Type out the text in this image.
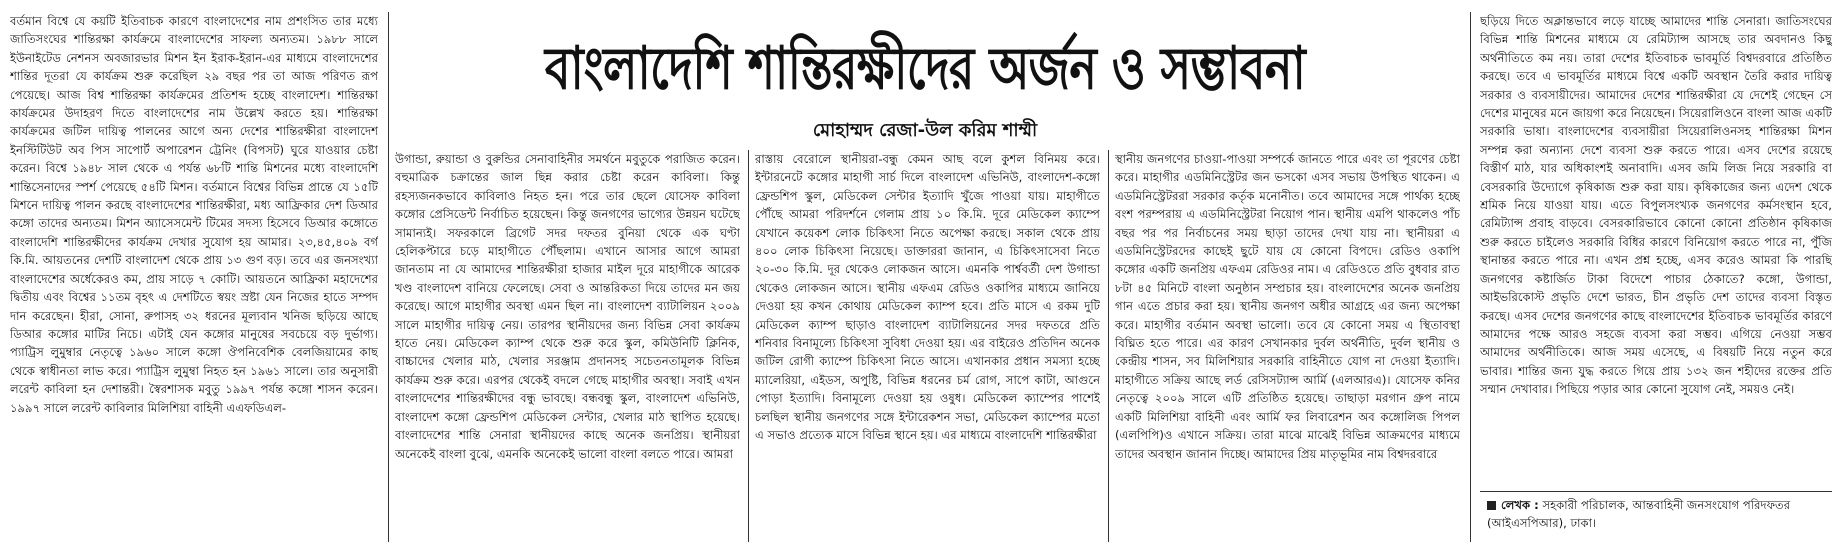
বর্তমান বিশ্বে যে কয়টি ইতিবাচক কারণে বাংলাদেশের নাম প্রশংসিত তার মধ্যে জাতিসংঘের শান্তিরক্ষা কার্যক্রমে বাংলাদেশের সাফল্য অন্যতম। ১৯৮৮ সালে ইউনাইটেড নেশনস অবজারভার মিশন ইন ইরাক-ইরান-এর মাধ্যমে বাংলাদেশের শান্তির দূতরা যে কার্যক্রম শুরু করেছিল ২৯ বছর পর তা আজ পরিণত রূপ পেয়েছে। আজ বিশ্ব শান্তিরক্ষা কার্যক্রমের প্রতিশব্দ হচ্ছে বাংলাদেশ। শান্তিরক্ষা কার্যক্রমের উদাহরণ দিতে বাংলাদেশের নাম উল্লেখ করতে হয়। শান্তিরক্ষা কার্যক্রমের জটিল দায়িত্ব পালনের আগে অন্য দেশের শান্তিরক্ষীরা বাংলাদেশ ইনস্টিটিউট অব পিস সাপোর্ট অপারেশন ট্রেনিং (বিপসট) ঘুরে যাওয়ার চেষ্টা করেন। বিশ্বে ১৯৪৮ সাল থেকে এ পর্যন্ত ৬৮টি শান্তি মিশনের মধ্যে বাংলাদেশি শান্তিসেনাদের স্পর্শ পেয়েছে ৫৪টি মিশন। বর্তমানে বিশ্বের বিভিন্ন প্রান্তে যে ১৫টি মিশনে দায়িত্ব পালন করছে বাংলাদেশের শান্তিরক্ষীরা, মধ্য আফ্রিকার দেশ ডিআর কঙ্গো তাদের অন্যতম। মিশন অ্যাসেসমেন্ট টিমের সদস্য হিসেবে ডিআর কঙ্গোতে বাংলাদেশি শান্তিরক্ষীদের কার্যক্রম দেখার সুযোগ হয় আমার। ২৩,৪৫,৪০৯ বর্গ কি.মি. আয়তনের দেশটি বাংলাদেশ থেকে প্রায় ১৩ গুণ বড়। তবে এর জনসংখ্যা বাংলাদেশের অর্ধেকেরও কম, প্রায় সাড়ে ৭ কোটি। আয়তনে আফ্রিকা মহাদেশের দ্বিতীয় এবং বিশ্বের ১১তম বৃহৎ এ দেশটিতে স্বয়ং স্রষ্টা যেন নিজের হাতে সম্পদ দান করেছেন। হীরা, সোনা, রুপাসহ ৩২ ধরনের মূল্যবান খনিজ ছড়িয়ে আছে ডিআর কঙ্গোর মাটির নিচে। এটাই যেন কঙ্গোর মানুষের সবচেয়ে বড় দুর্ভাগ্য। প্যাট্রিস লুমুম্বার নেতৃত্বে ১৯৬০ সালে কঙ্গো ঔপনিবেশিক বেলজিয়ামের কাছ থেকে স্বাধীনতা লাভ করে। প্যাট্রিস লুমুম্বা নিহত হন ১৯৬১ সালে। তার অনুসারী লরেন্ট কাবিলা হন দেশান্তরী। স্বৈরশাসক মবুতু ১৯৯৭ পর্যন্ত কঙ্গো শাসন করেন। ১৯৯৭ সালে লরেন্ট কাবিলার মিলিশিয়া বাহিনী এএফডিএল-

বাংলাদেশি শান্তিরক্ষীদের অর্জন ও সম্ভাবনা
মোহাম্মদ রেজা-উল করিম শাম্মী

উগান্ডা, রুয়ান্ডা ও বুরুন্ডির সেনাবাহিনীর সমর্থনে মবুতুকে পরাজিত করেন। বহুমাত্রিক চক্রান্তের জাল ছিন্ন করার চেষ্টা করেন কাবিলা। কিন্তু রহস্যজনকভাবে কাবিলাও নিহত হন। পরে তার ছেলে যোসেফ কাবিলা কঙ্গোর প্রেসিডেন্ট নির্বাচিত হয়েছেন। কিন্তু জনগণের ভাগ্যের উন্নয়ন ঘটেছে সামান্যই। সফরকালে ব্রিগেট সদর দফতর বুনিয়া থেকে এক ঘণ্টা হেলিকপ্টারে চড়ে মাহাগীতে পৌঁছলাম। এখানে আসার আগে আমরা জানতাম না যে আমাদের শান্তিরক্ষীরা হাজার মাইল দূরে মাহাগীকে আরেক খণ্ড বাংলাদেশ বানিয়ে ফেলেছে। সেবা ও আন্তরিকতা দিয়ে তাদের মন জয় করেছে। আগে মাহাগীর অবস্থা এমন ছিল না। বাংলাদেশ ব্যাটালিয়ন ২০০৯ সালে মাহাগীর দায়িত্ব নেয়। তারপর স্থানীয়দের জন্য বিভিন্ন সেবা কার্যক্রম হাতে নেয়। মেডিকেল ক্যাম্প থেকে শুরু করে স্কুল, কমিউনিটি ক্লিনিক, বাচ্চাদের খেলার মাঠ, খেলার সরঞ্জাম প্রদানসহ সচেতনতামূলক বিভিন্ন কার্যক্রম শুরু করে। এরপর থেকেই বদলে গেছে মাহাগীর অবস্থা। সবাই এখন বাংলাদেশের শান্তিরক্ষীদের বন্ধু ভাবছে। বন্ধবন্ধু স্কুল, বাংলাদেশ এভিনিউ, বাংলাদেশ কঙ্গো ফ্রেন্ডশিপ মেডিকেল সেন্টার, খেলার মাঠ স্থাপিত হয়েছে। বাংলাদেশের শান্তি সেনারা স্থানীয়দের কাছে অনেক জনপ্রিয়। স্থানীয়রা অনেকেই বাংলা বুঝে, এমনকি অনেকেই ভালো বাংলা বলতে পারে। আমরা

রাস্তায় বেরোলে স্থানীয়রা-বন্ধু কেমন আছ বলে কুশল বিনিময় করে। ইন্টারনেটে কঙ্গোর মাহাগী সার্চ দিলে বাংলাদেশ এভিনিউ, বাংলাদেশ-কঙ্গো ফ্রেন্ডশিপ স্কুল, মেডিকেল সেন্টার ইত্যাদি খুঁজে পাওয়া যায়। মাহাগীতে পৌঁছে আমরা পরিদর্শনে গেলাম প্রায় ১০ কি.মি. দূরে মেডিকেল ক্যাম্পে যেখানে কয়েকশ লোক চিকিৎসা নিতে অপেক্ষা করছে। সকাল থেকে প্রায় ৪০০ লোক চিকিৎসা নিয়েছে। ডাক্তাররা জানান, এ চিকিৎসাসেবা নিতে ২০-৩০ কি.মি. দূর থেকেও লোকজন আসে। এমনকি পার্শ্ববর্তী দেশ উগান্ডা থেকেও লোকজন আসে। স্থানীয় এফএম রেডিও ওকাপির মাধ্যমে জানিয়ে দেওয়া হয় কখন কোথায় মেডিকেল ক্যাম্প হবে। প্রতি মাসে এ রকম দুটি মেডিকেল ক্যাম্প ছাড়াও বাংলাদেশ ব্যাটালিয়নের সদর দফতরে প্রতি শনিবার বিনামূল্যে চিকিৎসা সুবিধা দেওয়া হয়। এর বাইরেও প্রতিদিন অনেক জটিল রোগী ক্যাম্পে চিকিৎসা নিতে আসে। এখানকার প্রধান সমস্যা হচ্ছে ম্যালেরিয়া, এইডস, অপুষ্টি, বিভিন্ন ধরনের চর্ম রোগ, সাপে কাটা, আগুনে পোড়া ইত্যাদি। বিনামূল্যে দেওয়া হয় ওষুধ। মেডিকেল ক্যাম্পের পাশেই চলছিল স্থানীয় জনগণের সঙ্গে ইন্টারেকশন সভা, মেডিকেল ক্যাম্পের মতো এ সভাও প্রত্যেক মাসে বিভিন্ন স্থানে হয়। এর মাধ্যমে বাংলাদেশি শান্তিরক্ষীরা

স্থানীয় জনগণের চাওয়া-পাওয়া সম্পর্কে জানতে পারে এবং তা পূরণের চেষ্টা করে। মাহাগীর এডমিনিস্ট্রেটর জন ভসকো এসব সভায় উপস্থিত থাকেন। এ এডমিনিস্ট্রেটররা সরকার কর্তৃক মনোনীত। তবে আমাদের সঙ্গে পার্থক্য হচ্ছে বংশ পরম্পরায় এ এডমিনিস্ট্রেটরা নিয়োগ পান। স্থানীয় এমপি থাকলেও পাঁচ বছর পর পর নির্বাচনের সময় ছাড়া তাদের দেখা যায় না। স্থানীয়রা এ এডমিনিস্ট্রেটরদের কাছেই ছুটে যায় যে কোনো বিপদে। রেডিও ওকাপি কঙ্গোর একটি জনপ্রিয় এফএম রেডিওর নাম। এ রেডিওতে প্রতি বুধবার রাত ৮টা ৪৫ মিনিটে বাংলা অনুষ্ঠান সম্প্রচার হয়। বাংলাদেশের অনেক জনপ্রিয় গান এতে প্রচার করা হয়। স্থানীয় জনগণ অধীর আগ্রহে এর জন্য অপেক্ষা করে। মাহাগীর বর্তমান অবস্থা ভালো। তবে যে কোনো সময় এ স্থিতাবস্থা বিঘ্নিত হতে পারে। এর কারণ সেখানকার দুর্বল অর্থনীতি, দুর্বল স্থানীয় ও কেন্দ্রীয় শাসন, সব মিলিশিয়ার সরকারি বাহিনীতে যোগ না দেওয়া ইত্যাদি। মাহাগীতে সক্রিয় আছে লর্ড রেসিসট্যান্স আর্মি (এলআরএ)। যোসেফ কনির নেতৃত্বে ২০০৯ সালে এটি প্রতিষ্ঠিত হয়েছে। তাছাড়া মরগান গ্রুপ নামে একটি মিলিশিয়া বাহিনী এবং আর্মি ফর লিবারেশন অব কঙ্গোলিজ পিপল (এলপিপি)ও এখানে সক্রিয়। তারা মাঝে মাঝেই বিভিন্ন আক্রমণের মাধ্যমে তাদের অবস্থান জানান দিচ্ছে। আমাদের প্রিয় মাতৃভূমির নাম বিশ্বদরবারে

ছড়িয়ে দিতে অক্লান্তভাবে লড়ে যাচ্ছে আমাদের শান্তি সেনারা। জাতিসংঘের বিভিন্ন শান্তি মিশনের মাধ্যমে যে রেমিট্যান্স আসছে তার অবদানও কিছু অর্থনীতিতে কম নয়। তারা দেশের ইতিবাচক ভাবমূর্তি বিশ্বদরবারে প্রতিষ্ঠিত করছে। তবে এ ভাবমূর্তির মাধ্যমে বিশ্বে একটি অবস্থান তৈরি করার দায়িত্ব সরকার ও ব্যবসায়ীদের। আমাদের দেশের শান্তিরক্ষীরা যে দেশেই গেছেন সে দেশের মানুষের মনে জায়গা করে নিয়েছেন। সিয়েরালিওনে বাংলা আজ একটি সরকারি ভাষা। বাংলাদেশের ব্যবসায়ীরা সিয়েরালিওনসহ শান্তিরক্ষা মিশন সম্পন্ন করা অন্যান্য দেশে ব্যবসা শুরু করতে পারে। এসব দেশের রয়েছে বিস্তীর্ণ মাঠ, যার অধিকাংশই অনাবাদি। এসব জমি লিজ নিয়ে সরকারি বা বেসরকারি উদ্যোগে কৃষিকাজ শুরু করা যায়। কৃষিকাজের জন্য এদেশ থেকে শ্রমিক নিয়ে যাওয়া যায়। এতে বিপুলসংখ্যক জনগণের কর্মসংস্থান হবে, রেমিট্যান্স প্রবাহ বাড়বে। বেসরকারিভাবে কোনো কোনো প্রতিষ্ঠান কৃষিকাজ শুরু করতে চাইলেও সরকারি বিধির কারণে বিনিয়োগ করতে পারে না, পুঁজি স্থানান্তর করতে পারে না। এখন প্রশ্ন হচ্ছে, এসব করেও আমরা কি পারছি জনগণের কষ্টার্জিত টাকা বিদেশে পাচার ঠেকাতে? কঙ্গো, উগান্ডা, আইভরিকোস্ট প্রভৃতি দেশে ভারত, চীন প্রভৃতি দেশ তাদের ব্যবসা বিস্তৃত করছে। এসব দেশের জনগণের কাছে বাংলাদেশের ইতিবাচক ভাবমূর্তির কারণে আমাদের পক্ষে আরও সহজে ব্যবসা করা সম্ভব। এগিয়ে নেওয়া সম্ভব আমাদের অর্থনীতিকে। আজ সময় এসেছে, এ বিষয়টি নিয়ে নতুন করে ভাবার। শান্তির জন্য যুদ্ধ করতে গিয়ে প্রায় ১৩২ জন শহীদের রক্তের প্রতি সম্মান দেখাবার। পিছিয়ে পড়ার আর কোনো সুযোগ নেই, সময়ও নেই।

লেখক : সহকারী পরিচালক, আন্তবাহিনী জনসংযোগ পরিদফতর (আইএসপিআর), ঢাকা।
